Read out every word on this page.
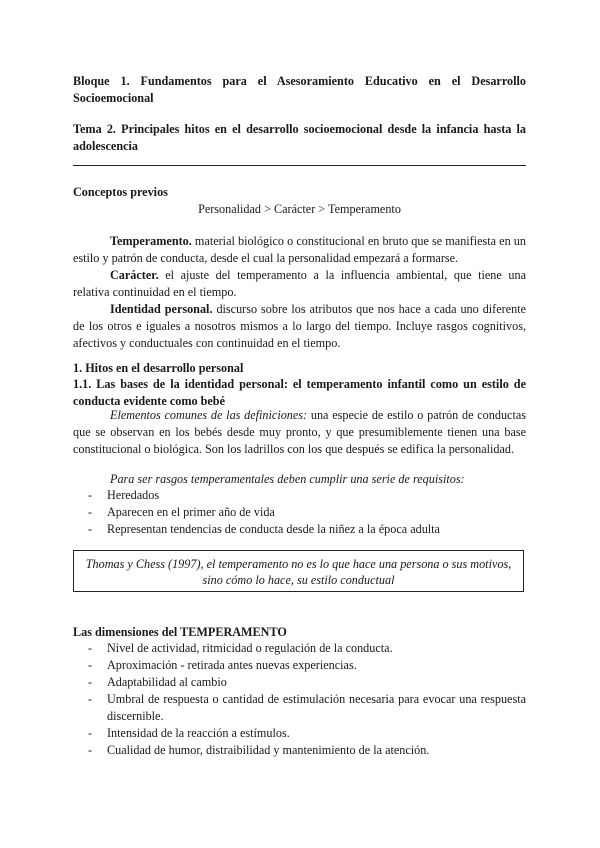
Bloque 1. Fundamentos para el Asesoramiento Educativo en el Desarrollo Socioemocional

Tema 2. Principales hitos en el desarrollo socioemocional desde la infancia hasta la adolescencia

Conceptos previos

Personalidad > Carácter > Temperamento

Temperamento. material biológico o constitucional en bruto que se manifiesta en un estilo y patrón de conducta, desde el cual la personalidad empezará a formarse.

Carácter. el ajuste del temperamento a la influencia ambiental, que tiene una relativa continuidad en el tiempo.

Identidad personal. discurso sobre los atributos que nos hace a cada uno diferente de los otros e iguales a nosotros mismos a lo largo del tiempo. Incluye rasgos cognitivos, afectivos y conductuales con continuidad en el tiempo.

1. Hitos en el desarrollo personal

1.1. Las bases de la identidad personal: el temperamento infantil como un estilo de conducta evidente como bebé

Elementos comunes de las definiciones: una especie de estilo o patrón de conductas que se observan en los bebés desde muy pronto, y que presumiblemente tienen una base constitucional o biológica. Son los ladrillos con los que después se edifica la personalidad.

Para ser rasgos temperamentales deben cumplir una serie de requisitos:

- Heredados
- Aparecen en el primer año de vida
- Representan tendencias de conducta desde la niñez a la época adulta
Thomas y Chess (1997), el temperamento no es lo que hace una persona o sus motivos,
sino cómo lo hace, su estilo conductual

Las dimensiones del TEMPERAMENTO

- Nivel de actividad, ritmicidad o regulación de la conducta.
- Aproximación - retirada antes nuevas experiencias.
- Adaptabilidad al cambio
- Umbral de respuesta o cantidad de estimulación necesaria para evocar una respuesta discernible.
- Intensidad de la reacción a estímulos.
- Cualidad de humor, distraibilidad y mantenimiento de la atención.
